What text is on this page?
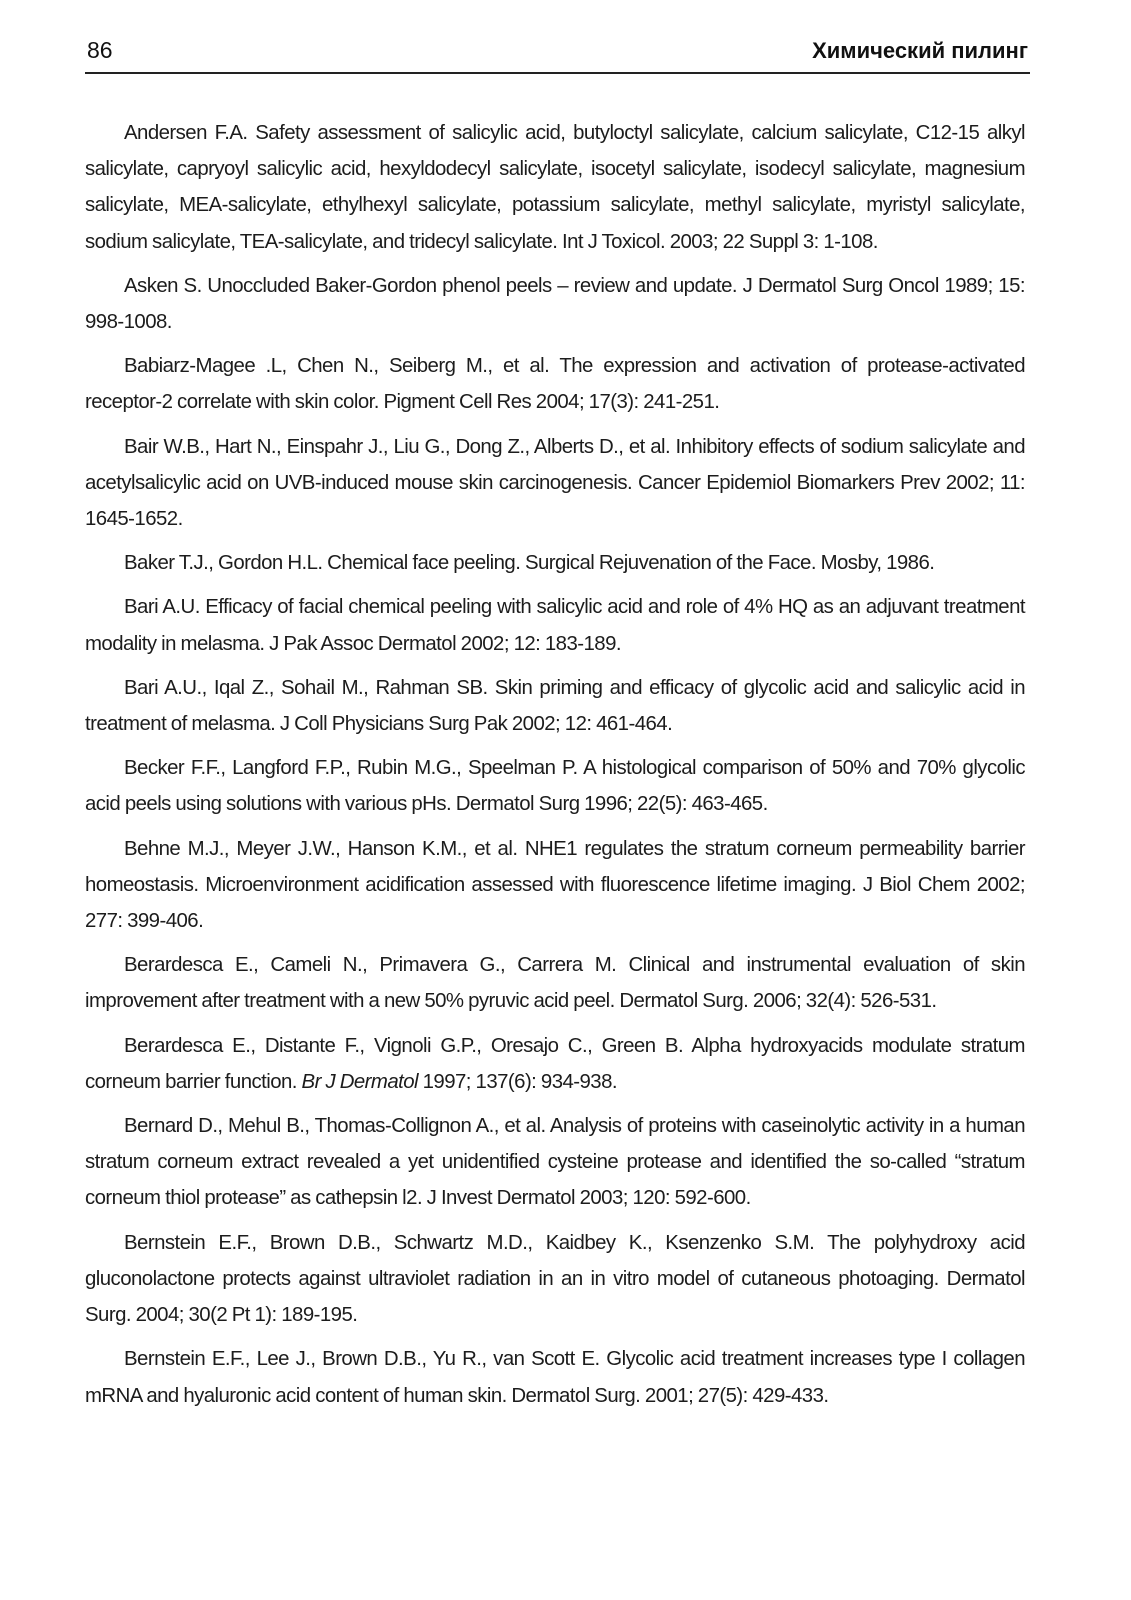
86	Химический пилинг

Andersen F.A. Safety assessment of salicylic acid, butyloctyl salicylate, calcium salicylate, C12-15 alkyl salicylate, capryoyl salicylic acid, hexyldodecyl salicylate, isocetyl salicylate, isodecyl salicylate, magnesium salicylate, MEA-salicylate, ethylhexyl salicylate, potassium salicylate, methyl salicylate, myristyl salicylate, sodium salicylate, TEA-salicylate, and tridecyl salicylate. Int J Toxicol. 2003; 22 Suppl 3: 1-108.

Asken S. Unoccluded Baker-Gordon phenol peels – review and update. J Dermatol Surg Oncol 1989; 15: 998-1008.

Babiarz-Magee .L, Chen N., Seiberg M., et al. The expression and activation of protease-activated receptor-2 correlate with skin color. Pigment Cell Res 2004; 17(3): 241-251.

Bair W.B., Hart N., Einspahr J., Liu G., Dong Z., Alberts D., et al. Inhibitory effects of sodium salicylate and acetylsalicylic acid on UVB-induced mouse skin carcinogenesis. Cancer Epidemiol Biomarkers Prev 2002; 11: 1645-1652.

Baker T.J., Gordon H.L. Chemical face peeling. Surgical Rejuvenation of the Face. Mosby, 1986.

Bari A.U. Efficacy of facial chemical peeling with salicylic acid and role of 4% HQ as an adjuvant treatment modality in melasma. J Pak Assoc Dermatol 2002; 12: 183-189.

Bari A.U., Iqal Z., Sohail M., Rahman SB. Skin priming and efficacy of glycolic acid and salicylic acid in treatment of melasma. J Coll Physicians Surg Pak 2002; 12: 461-464.

Becker F.F., Langford F.P., Rubin M.G., Speelman P. A histological comparison of 50% and 70% glycolic acid peels using solutions with various pHs. Dermatol Surg 1996; 22(5): 463-465.

Behne M.J., Meyer J.W., Hanson K.M., et al. NHE1 regulates the stratum corneum permeability barrier homeostasis. Microenvironment acidification assessed with fluorescence lifetime imaging. J Biol Chem 2002; 277: 399-406.

Berardesca E., Cameli N., Primavera G., Carrera M. Clinical and instrumental evaluation of skin improvement after treatment with a new 50% pyruvic acid peel. Dermatol Surg. 2006; 32(4): 526-531.

Berardesca E., Distante F., Vignoli G.P., Oresajo C., Green B. Alpha hydroxyacids modulate stratum corneum barrier function. Br J Dermatol 1997; 137(6): 934-938.

Bernard D., Mehul B., Thomas-Collignon A., et al. Analysis of proteins with caseinolytic activity in a human stratum corneum extract revealed a yet unidentified cysteine protease and identified the so-called “stratum corneum thiol protease” as cathepsin l2. J Invest Dermatol 2003; 120: 592-600.

Bernstein E.F., Brown D.B., Schwartz M.D., Kaidbey K., Ksenzenko S.M. The polyhydroxy acid gluconolactone protects against ultraviolet radiation in an in vitro model of cutaneous photoaging. Dermatol Surg. 2004; 30(2 Pt 1): 189-195.

Bernstein E.F., Lee J., Brown D.B., Yu R., van Scott E. Glycolic acid treatment increases type I collagen mRNA and hyaluronic acid content of human skin. Dermatol Surg. 2001; 27(5): 429-433.
